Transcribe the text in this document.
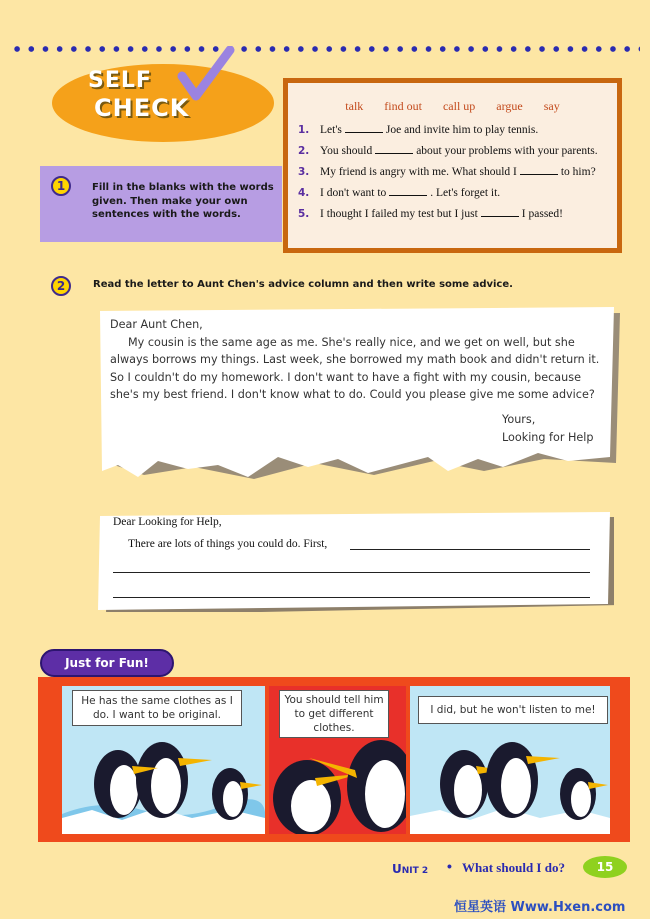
SELF
CHECK	talk find out call up argue say
1. Let's	Joe and invite him to play tennis.
2. You should	about your problems with your parents.
3. My friend is angry with me. What should I	to him?
4. I don't want to	. Let's forget it.
5. I thought I failed my test but I just	I passed!
1	Fill in the blanks with the words given. Then make your own sentences with the words.
2	Read the letter to Aunt Chen's advice column and then write some advice.
Dear Aunt Chen,
My cousin is the same age as me. She's really nice, and we get on well, but she always borrows my things. Last week, she borrowed my math book and didn't return it. So I couldn't do my homework. I don't want to have a fight with my cousin, because she's my best friend. I don't know what to do. Could you please give me some advice?
Yours,
Looking for Help
Dear Looking for Help,
There are lots of things you could do. First,
He has the same clothes as I do. I want to be original.
You should tell him to get different clothes.
I did, but he won't listen to me!
Just for Fun!
UNIT 2 • What should I do?	15
恒星英语 Www.Hxen.com
